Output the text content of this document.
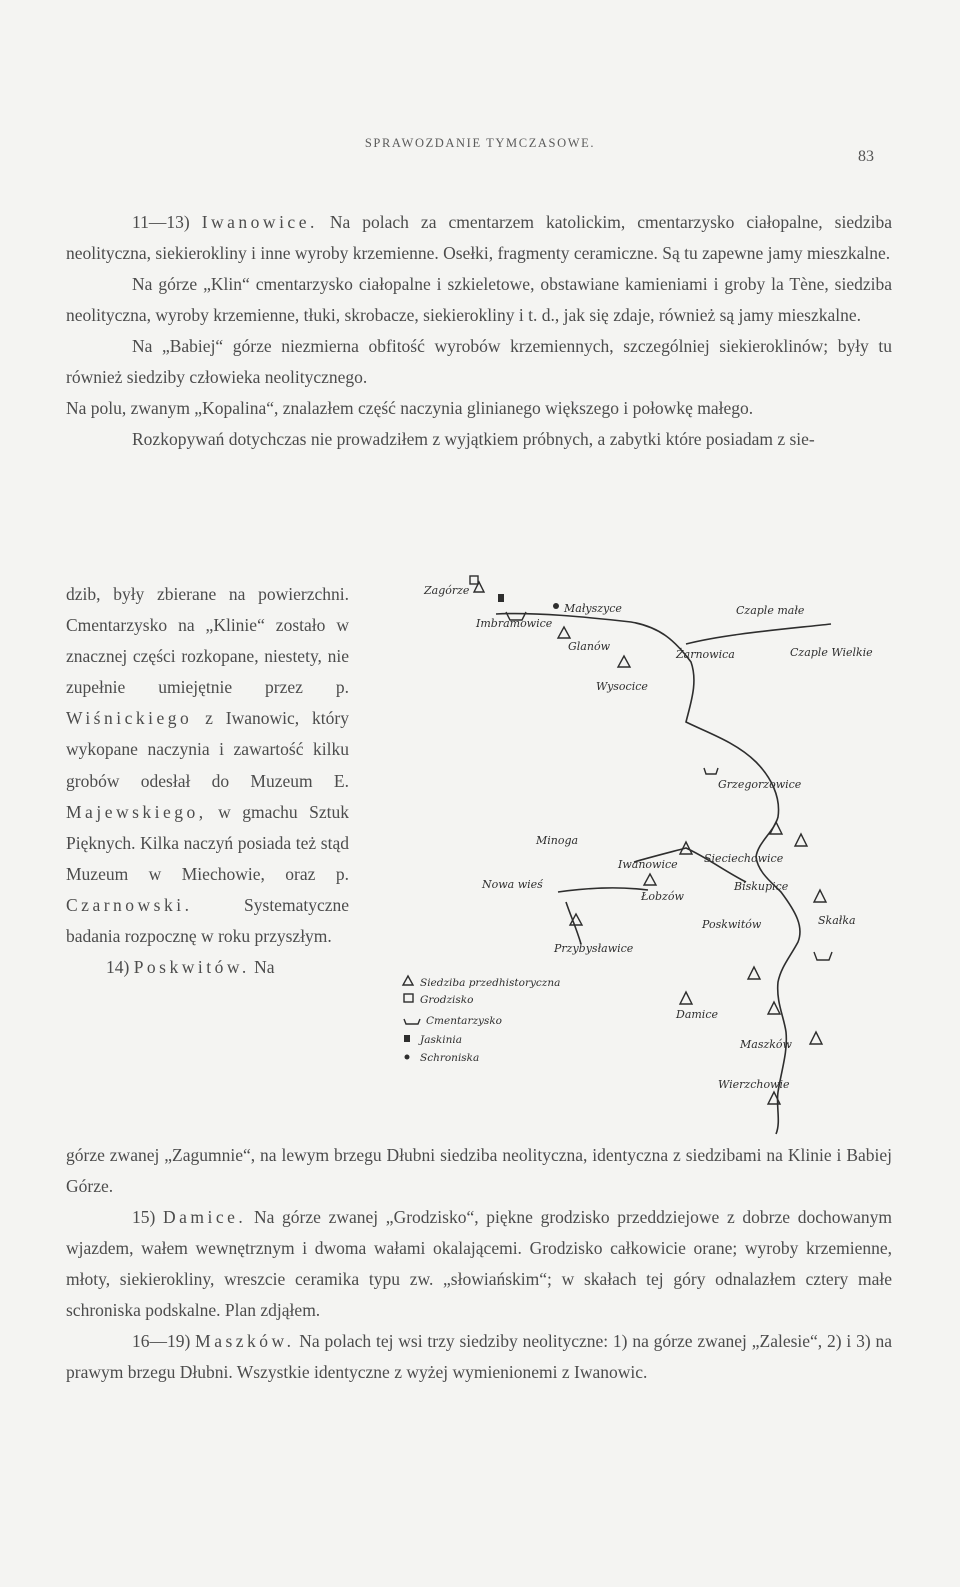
SPRAWOZDANIE TYMCZASOWE.
83

11—13) Iwanowice. Na polach za cmentarzem katolickim, cmentarzysko ciałopalne, siedziba neolityczna, siekierokliny i inne wyroby krzemienne. Osełki, fragmenty ceramiczne. Są tu zapewne jamy mieszkalne.

Na górze „Klin“ cmentarzysko ciałopalne i szkieletowe, obstawiane kamieniami i groby la Tène, siedziba neolityczna, wyroby krzemienne, tłuki, skrobacze, siekierokliny i t. d., jak się zdaje, również są jamy mieszkalne.

Na „Babiej“ górze niezmierna obfitość wyrobów krzemiennych, szczególniej siekieroklinów; były tu również siedziby człowieka neolitycznego.

Na polu, zwanym „Kopalina“, znalazłem część naczynia glinianego większego i połowkę małego.

Rozkopywań dotychczas nie prowadziłem z wyjątkiem próbnych, a zabytki które posiadam z sie-

dzib, były zbierane na powierzchni. Cmentarzysko na „Klinie“ zostało w znacznej części rozkopane, niestety, nie zupełnie umiejętnie przez p. Wiśnickiego z Iwanowic, który wykopane naczynia i zawartość kilku grobów odesłał do Muzeum E. Majewskiego, w gmachu Sztuk Pięknych. Kilka naczyń posiada też stąd Muzeum w Miechowie, oraz p. Czarnowski.	Systematyczne badania rozpocznę w roku przyszłym.

14) Poskwitów. Na

górze zwanej „Zagumnie“, na lewym brzegu Dłubni siedziba neolityczna, identyczna z siedzibami na Klinie i Babiej Górze.

15) Damice. Na górze zwanej „Grodzisko“, piękne grodzisko przeddziejowe z dobrze dochowanym wjazdem, wałem wewnętrznym i dwoma wałami okalającemi. Grodzisko całkowicie orane; wyroby krzemienne, młoty, siekierokliny, wreszcie ceramika typu zw. „słowiańskim“; w skałach tej góry odnalazłem cztery małe schroniska podskalne. Plan zdjąłem.

16—19) Maszków. Na polach tej wsi trzy siedziby neolityczne: 1) na górze zwanej „Zalesie“, 2) i 3) na prawym brzegu Dłubni. Wszystkie identyczne z wyżej wymienionemi z Iwanowic.

Zagórze
Imbramowice
Małyszyce
Glanów
Czaple małe
Czaple Wielkie
Żarnowica
Wysocice
Grzegorzowice
Minoga
Iwanowice Sieciechowice
Nowa wieś
Łobzów
Biskupice
Przybysławice
Poskwitów	Skałka
Damice
Maszków
Wierzchowie
Siedziba przedhistoryczna
Grodzisko
Cmentarzysko
Jaskinia
Schroniska
